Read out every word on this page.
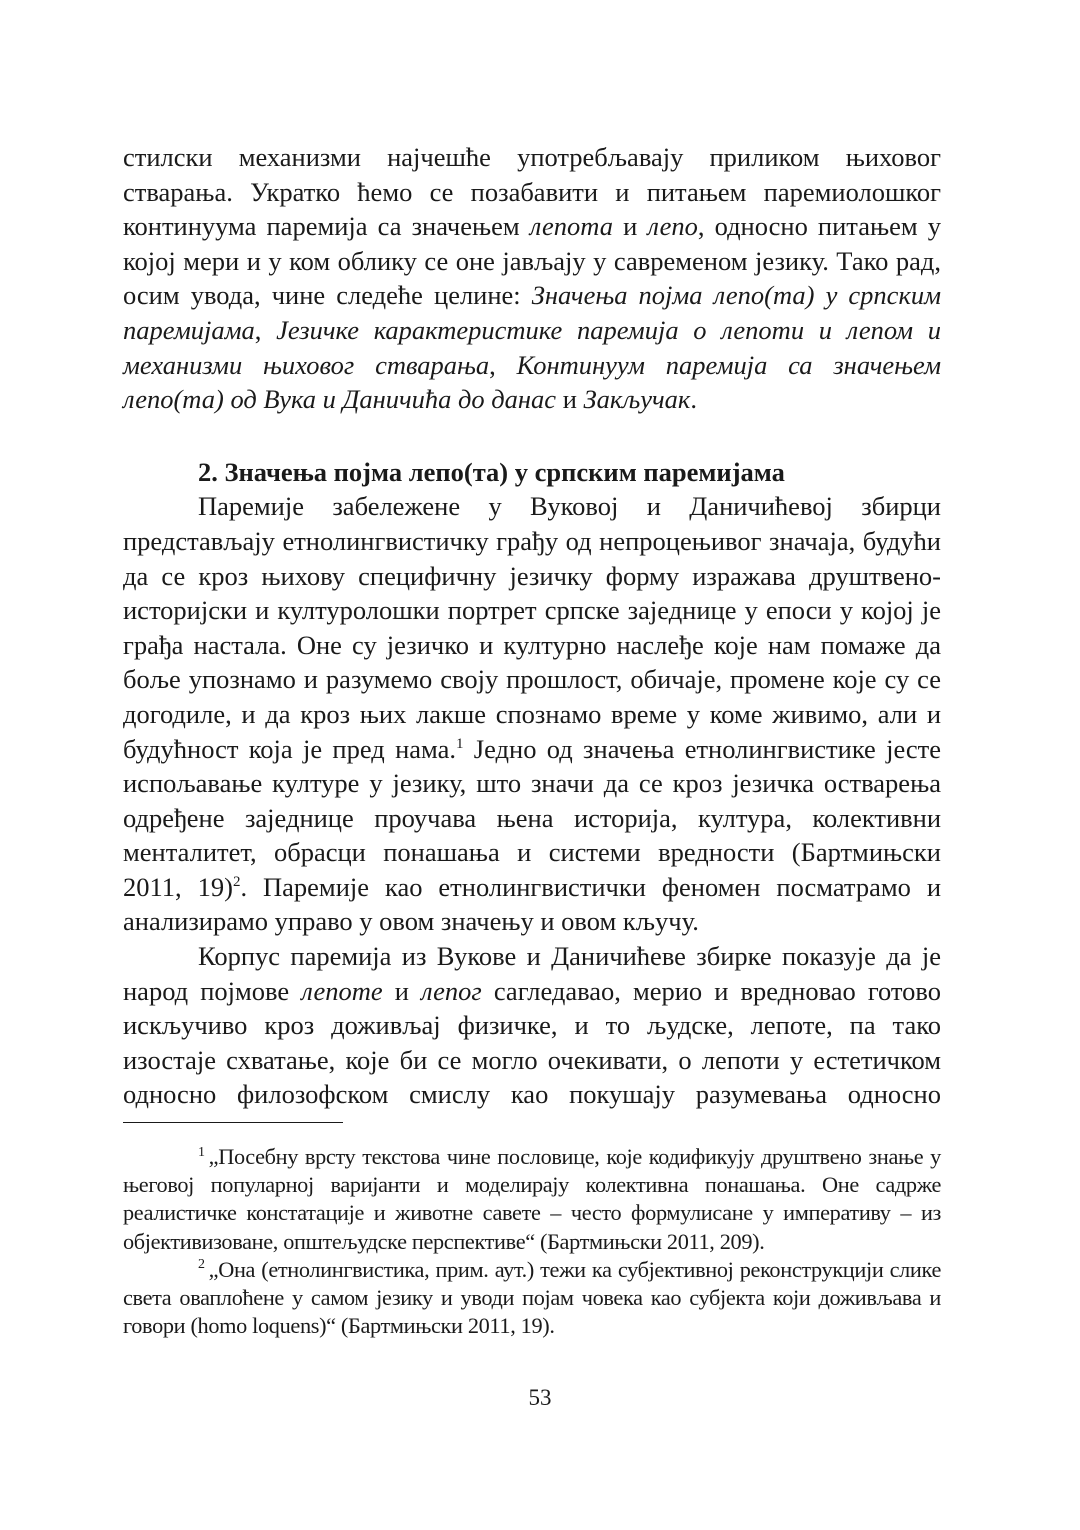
стилски механизми најчешће употребљавају приликом њиховог стварања. Укратко ћемо се позабавити и питањем паремиолошког континуума паремија са значењем лепота и лепо, односно питањем у којој мери и у ком облику се оне јављају у савременом језику. Тако рад, осим увода, чине следеће целине: Значења појма лепо(та) у српским паремијама, Језичке карактеристике паремија о лепоти и лепом и механизми њиховог стварања, Континуум паремија са значењем лепо(та) од Вука и Даничића до данас и Закључак.

2. Значења појма лепо(та) у српским паремијама

Паремије забележене у Вуковој и Даничићевој збирци представљају етнолингвистичку грађу од непроцењивог значаја, будући да се кроз њихову специфичну језичку форму изражава друштвено-историјски и културолошки портрет српске заједнице у епоси у којој је грађа настала. Оне су језичко и културно наслеђе које нам помаже да боље упознамо и разумемо своју прошлост, обичаје, промене које су се догодиле, и да кроз њих лакше спознамо време у коме живимо, али и будућност која је пред нама.$^1$ Једно од значења етнолингвистике јесте испољавање културе у језику, што значи да се кроз језичка остварења одређене заједнице проучава њена историја, култура, колективни менталитет, обрасци понашања и системи вредности (Бартмињски 2011, 19)$^2$. Паремије као етнолингвистички феномен посматрамо и анализирамо управо у овом значењу и овом кључу.

Корпус паремија из Вукове и Даничићеве збирке показује да је народ појмове лепоте и лепог сагледавао, мерио и вредновао готово искључиво кроз доживљај физичке, и то људске, лепоте, па тако изостаје схватање, које би се могло очекивати, о лепоти у естетичком односно филозофском смислу као покушају разумевања односно

$^1$ „Посебну врсту текстова чине пословице, које кодификују друштвено знање у његовој популарној варијанти и моделирају колективна понашања. Оне садрже реалистичке констатације и животне савете – често формулисане у императиву – из објективизоване, општељудске перспективе“ (Бартмињски 2011, 209).

$^2$ „Она (етнолингвистика, прим. аут.) тежи ка субјективној реконструкцији слике света оваплоћене у самом језику и уводи појам човека као субјекта који доживљава и говори (homo loquens)“ (Бартмињски 2011, 19).

53
